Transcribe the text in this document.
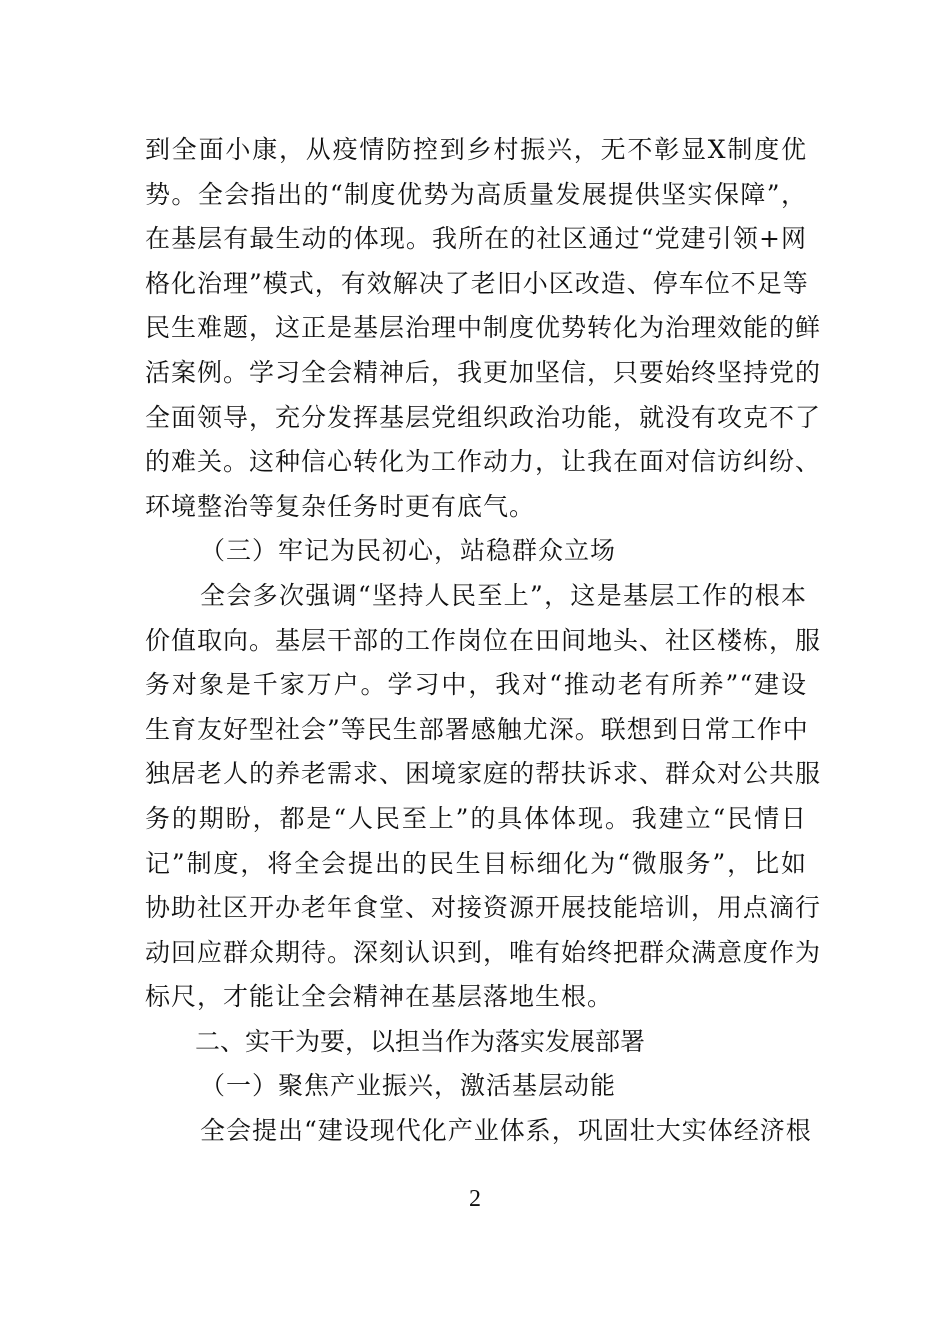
到全面小康，从疫情防控到乡村振兴，无不彰显X制度优
势。全会指出的“制度优势为高质量发展提供坚实保障”，
在基层有最生动的体现。我所在的社区通过“党建引领+网
格化治理”模式，有效解决了老旧小区改造、停车位不足等
民生难题，这正是基层治理中制度优势转化为治理效能的鲜
活案例。学习全会精神后，我更加坚信，只要始终坚持党的
全面领导，充分发挥基层党组织政治功能，就没有攻克不了
的难关。这种信心转化为工作动力，让我在面对信访纠纷、
环境整治等复杂任务时更有底气。
（三）牢记为民初心，站稳群众立场
全会多次强调“坚持人民至上”，这是基层工作的根本
价值取向。基层干部的工作岗位在田间地头、社区楼栋，服
务对象是千家万户。学习中，我对“推动老有所养”“建设
生育友好型社会”等民生部署感触尤深。联想到日常工作中
独居老人的养老需求、困境家庭的帮扶诉求、群众对公共服
务的期盼，都是“人民至上”的具体体现。我建立“民情日
记”制度，将全会提出的民生目标细化为“微服务”，比如
协助社区开办老年食堂、对接资源开展技能培训，用点滴行
动回应群众期待。深刻认识到，唯有始终把群众满意度作为
标尺，才能让全会精神在基层落地生根。
二、实干为要，以担当作为落实发展部署
（一）聚焦产业振兴，激活基层动能
全会提出“建设现代化产业体系，巩固壮大实体经济根
2
